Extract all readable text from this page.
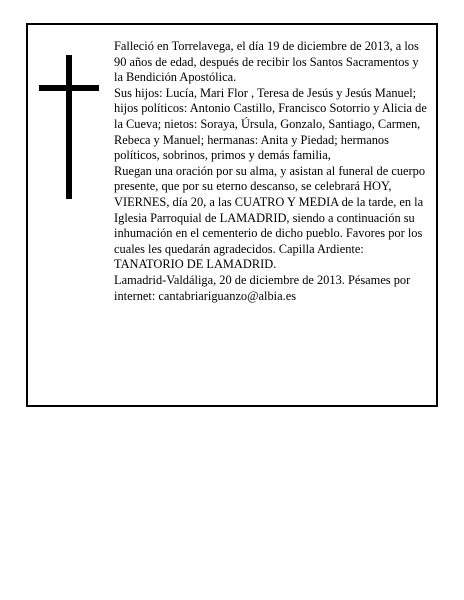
Falleció en Torrelavega, el día 19 de diciembre de 2013, a los 90 años de edad, después de recibir los Santos Sacramentos y la Bendición Apostólica.

Sus hijos: Lucía, Mari Flor , Teresa de Jesús y Jesús Manuel; hijos políticos: Antonio Castillo, Francisco Sotorrio y Alicia de la Cueva; nietos: Soraya, Úrsula, Gonzalo, Santiago, Carmen, Rebeca y Manuel; hermanas: Anita y Piedad; hermanos políticos, sobrinos, primos y demás familia,

Ruegan una oración por su alma, y asistan al funeral de cuerpo presente, que por su eterno descanso, se celebrará HOY, VIERNES, día 20, a las CUATRO Y MEDIA de la tarde, en la Iglesia Parroquial de LAMADRID, siendo a continuación su inhumación en el cementerio de dicho pueblo. Favores por los cuales les quedarán agradecidos. Capilla Ardiente: TANATORIO DE LAMADRID.

Lamadrid-Valdáliga, 20 de diciembre de 2013. Pésames por internet: cantabriariguanzo@albia.es
